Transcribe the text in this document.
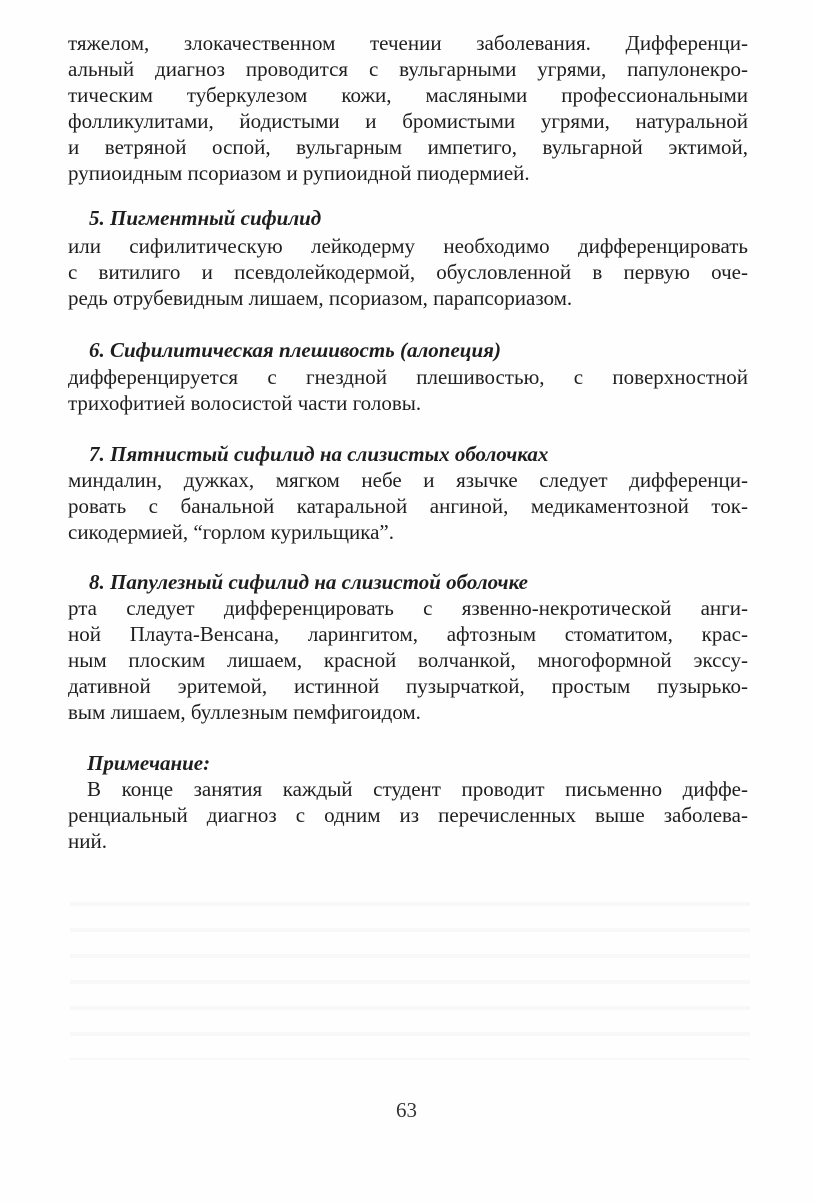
тяжелом, злокачественном течении заболевания. Дифференци-
альный диагноз проводится с вульгарными угрями, папулонекро-
тическим туберкулезом кожи, масляными профессиональными
фолликулитами, йодистыми и бромистыми угрями, натуральной
и ветряной оспой, вульгарным импетиго, вульгарной эктимой,
рупиоидным псориазом и рупиоидной пиодермией.
5. Пигментный сифилид
или сифилитическую лейкодерму необходимо дифференцировать
с витилиго и псевдолейкодермой, обусловленной в первую оче-
редь отрубевидным лишаем, псориазом, парапсориазом.
6. Сифилитическая плешивость (алопеция)
дифференцируется с гнездной плешивостью, с поверхностной
трихофитией волосистой части головы.
7. Пятнистый сифилид на слизистых оболочках
миндалин, дужках, мягком небе и язычке следует дифференци-
ровать с банальной катаральной ангиной, медикаментозной ток-
сикодермией, “горлом курильщика”.
8. Папулезный сифилид на слизистой оболочке
рта следует дифференцировать с язвенно-некротической анги-
ной Плаута-Венсана, ларингитом, афтозным стоматитом, крас-
ным плоским лишаем, красной волчанкой, многоформной экссу-
дативной эритемой, истинной пузырчаткой, простым пузырько-
вым лишаем, буллезным пемфигоидом.
Примечание:
В конце занятия каждый студент проводит письменно диффе-
ренциальный диагноз с одним из перечисленных выше заболева-
ний.
63
